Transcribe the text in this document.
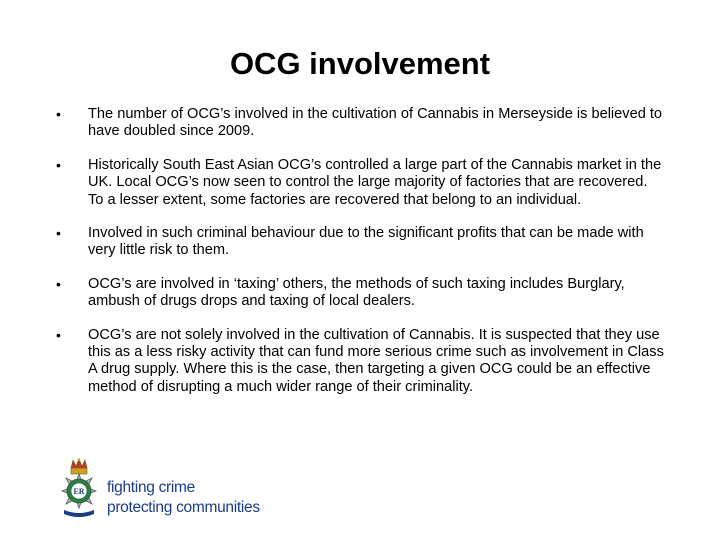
OCG involvement
•	The number of OCG’s involved in the cultivation of Cannabis in Merseyside is believed to have doubled since 2009.
•	Historically South East Asian OCG’s controlled a large part of the Cannabis market in the UK. Local OCG’s now seen to control the large majority of factories that are recovered. To a lesser extent, some factories are recovered that belong to an individual.
•	Involved in such criminal behaviour due to the significant profits that can be made with very little risk to them.
•	OCG’s are involved in ‘taxing’ others, the methods of such taxing includes Burglary, ambush of drugs drops and taxing of local dealers.
•	OCG’s are not solely involved in the cultivation of Cannabis. It is suspected that they use this as a less risky activity that can fund more serious crime such as involvement in Class A drug supply. Where this is the case, then targeting a given OCG could be an effective method of disrupting a much wider range of their criminality.
ER fighting crime
protecting communities
